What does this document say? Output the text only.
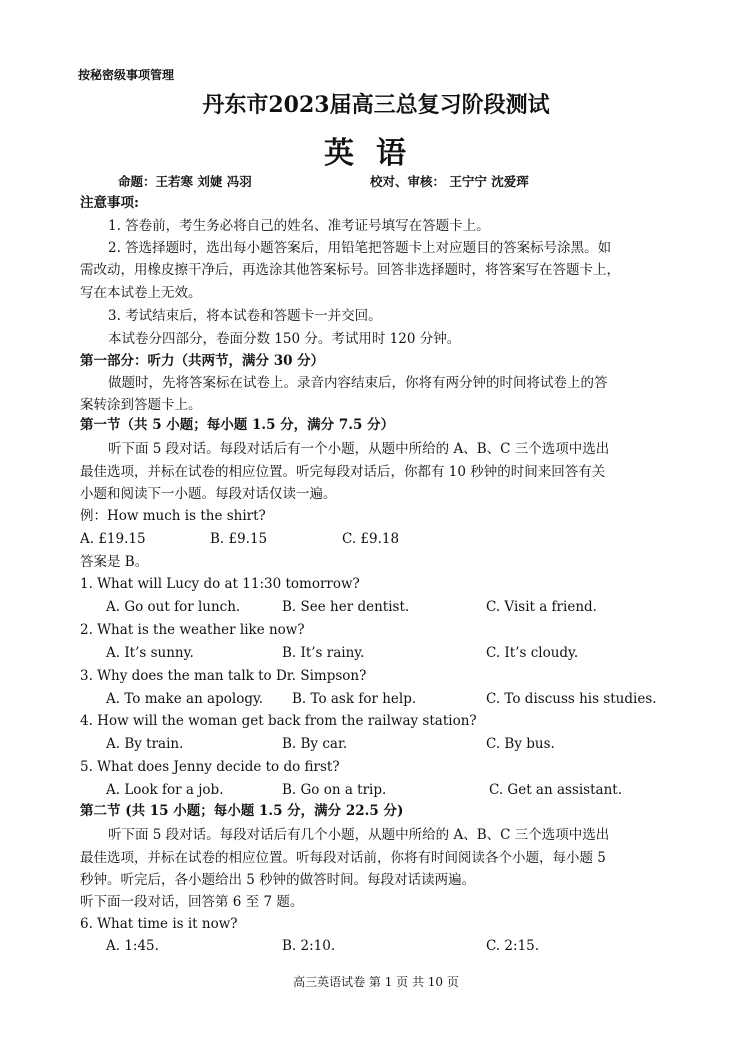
按秘密级事项管理
丹东市2023届高三总复习阶段测试
英语
命题：王若寒 刘婕 冯羽	校对、审核： 王宁宁 沈爱珲
注意事项:
1. 答卷前，考生务必将自己的姓名、准考证号填写在答题卡上。
2. 答选择题时，选出每小题答案后，用铅笔把答题卡上对应题目的答案标号涂黑。如
需改动，用橡皮擦干净后，再选涂其他答案标号。回答非选择题时，将答案写在答题卡上，
写在本试卷上无效。
3. 考试结束后，将本试卷和答题卡一并交回。
本试卷分四部分，卷面分数 150 分。考试用时 120 分钟。
第一部分：听力（共两节，满分 30 分）
做题时，先将答案标在试卷上。录音内容结束后，你将有两分钟的时间将试卷上的答
案转涂到答题卡上。
第一节（共 5 小题；每小题 1.5 分，满分 7.5 分）
听下面 5 段对话。每段对话后有一个小题，从题中所给的 A、B、C 三个选项中选出
最佳选项，并标在试卷的相应位置。听完每段对话后，你都有 10 秒钟的时间来回答有关
小题和阅读下一小题。每段对话仅读一遍。
例：How much is the shirt?
A. £19.15	B. £9.15	C. £9.18
答案是 B。
1. What will Lucy do at 11:30 tomorrow?
A. Go out for lunch.	B. See her dentist.	C. Visit a friend.
2. What is the weather like now?
A. It’s sunny.	B. It’s rainy.	C. It’s cloudy.
3. Why does the man talk to Dr. Simpson?
A. To make an apology. B. To ask for help.	C. To discuss his studies.
4. How will the woman get back from the railway station?
A. By train.	B. By car.	C. By bus.
5. What does Jenny decide to do first?
A. Look for a job.	B. Go on a trip.	C. Get an assistant.
第二节 (共 15 小题；每小题 1.5 分，满分 22.5 分)
听下面 5 段对话。每段对话后有几个小题，从题中所给的 A、B、C 三个选项中选出
最佳选项，并标在试卷的相应位置。听每段对话前，你将有时间阅读各个小题，每小题 5
秒钟。听完后，各小题给出 5 秒钟的做答时间。每段对话读两遍。
听下面一段对话，回答第 6 至 7 题。
6. What time is it now?
A. 1:45.	B. 2:10.	C. 2:15.
高三英语试卷 第 1 页 共 10 页
